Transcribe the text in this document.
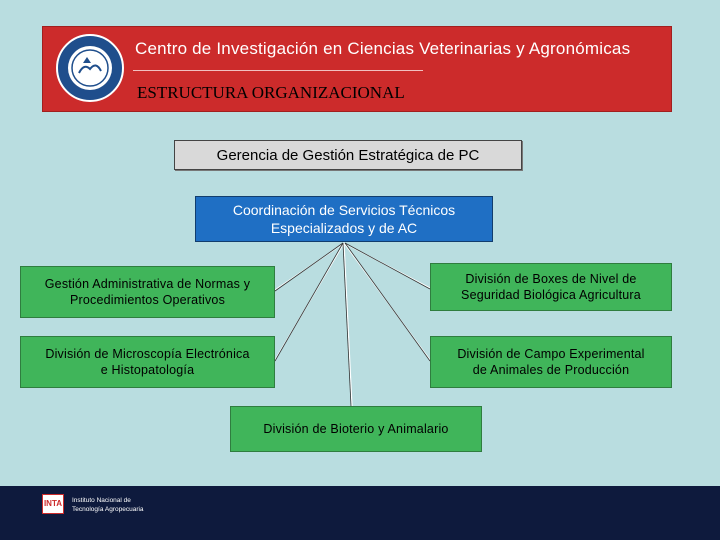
Centro de Investigación en Ciencias Veterinarias y Agronómicas
ESTRUCTURA ORGANIZACIONAL
Gerencia de Gestión Estratégica de PC
Coordinación de Servicios Técnicos
Especializados y de AC
Gestión Administrativa de Normas y
Procedimientos Operativos
División de Boxes de Nivel de
Seguridad Biológica Agricultura
División de Microscopía Electrónica
e Histopatología
División de Campo Experimental
de Animales de Producción
División de Bioterio y Animalario
INTA Instituto Nacional de
Tecnología Agropecuaria
